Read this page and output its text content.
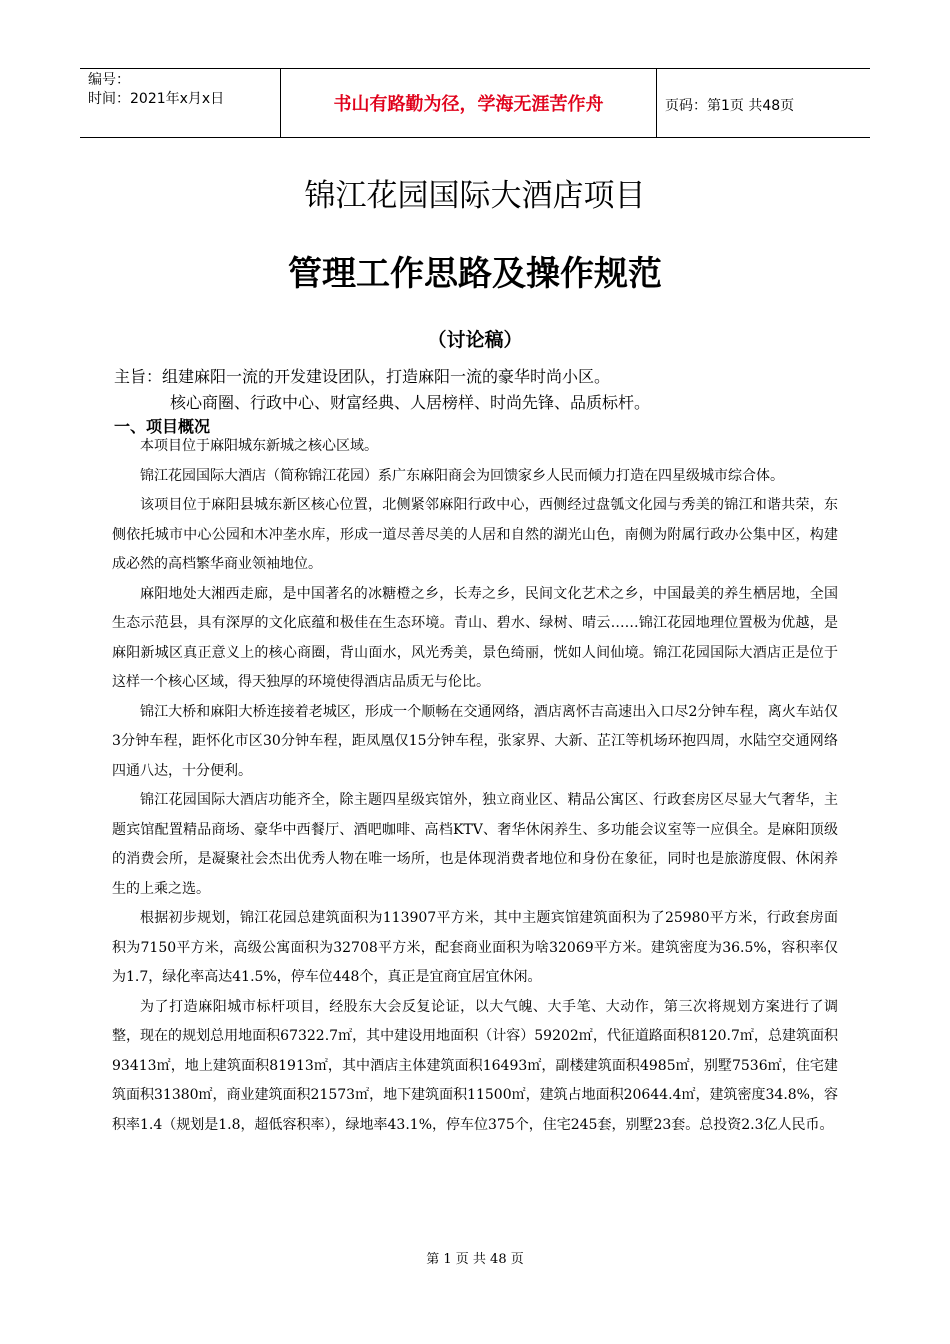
编号：
时间：2021年x月x日	书山有路勤为径，学海无涯苦作舟	页码：第1页 共48页
锦江花园国际大酒店项目
管理工作思路及操作规范
（讨论稿）
主旨：组建麻阳一流的开发建设团队，打造麻阳一流的豪华时尚小区。
核心商圈、行政中心、财富经典、人居榜样、时尚先锋、品质标杆。
一、项目概况

本项目位于麻阳城东新城之核心区域。

锦江花园国际大酒店（简称锦江花园）系广东麻阳商会为回馈家乡人民而倾力打造在四星级城市综合体。

该项目位于麻阳县城东新区核心位置，北侧紧邻麻阳行政中心，西侧经过盘瓠文化园与秀美的锦江和谐共荣，东侧依托城市中心公园和木冲垄水库，形成一道尽善尽美的人居和自然的湖光山色，南侧为附属行政办公集中区，构建成必然的高档繁华商业领袖地位。

麻阳地处大湘西走廊，是中国著名的冰糖橙之乡，长寿之乡，民间文化艺术之乡，中国最美的养生栖居地，全国生态示范县，具有深厚的文化底蕴和极佳在生态环境。青山、碧水、绿树、晴云……锦江花园地理位置极为优越，是麻阳新城区真正意义上的核心商圈，背山面水，风光秀美，景色绮丽，恍如人间仙境。锦江花园国际大酒店正是位于这样一个核心区域，得天独厚的环境使得酒店品质无与伦比。

锦江大桥和麻阳大桥连接着老城区，形成一个顺畅在交通网络，酒店离怀吉高速出入口尽2分钟车程，离火车站仅3分钟车程，距怀化市区30分钟车程，距凤凰仅15分钟车程，张家界、大新、芷江等机场环抱四周，水陆空交通网络四通八达，十分便利。

锦江花园国际大酒店功能齐全，除主题四星级宾馆外，独立商业区、精品公寓区、行政套房区尽显大气奢华，主题宾馆配置精品商场、豪华中西餐厅、酒吧咖啡、高档KTV、奢华休闲养生、多功能会议室等一应俱全。是麻阳顶级的消费会所，是凝聚社会杰出优秀人物在唯一场所，也是体现消费者地位和身份在象征，同时也是旅游度假、休闲养生的上乘之选。

根据初步规划，锦江花园总建筑面积为113907平方米，其中主题宾馆建筑面积为了25980平方米，行政套房面积为7150平方米，高级公寓面积为32708平方米，配套商业面积为啥32069平方米。建筑密度为36.5%，容积率仅为1.7，绿化率高达41.5%，停车位448个，真正是宜商宜居宜休闲。

为了打造麻阳城市标杆项目，经股东大会反复论证，以大气魄、大手笔、大动作，第三次将规划方案进行了调整，现在的规划总用地面积67322.7㎡，其中建设用地面积（计容）59202㎡，代征道路面积8120.7㎡，总建筑面积93413㎡，地上建筑面积81913㎡，其中酒店主体建筑面积16493㎡，副楼建筑面积4985㎡，别墅7536㎡，住宅建筑面积31380㎡，商业建筑面积21573㎡，地下建筑面积11500㎡，建筑占地面积20644.4㎡，建筑密度34.8%，容积率1.4（规划是1.8，超低容积率），绿地率43.1%，停车位375个，住宅245套，别墅23套。总投资2.3亿人民币。

第 1 页 共 48 页
